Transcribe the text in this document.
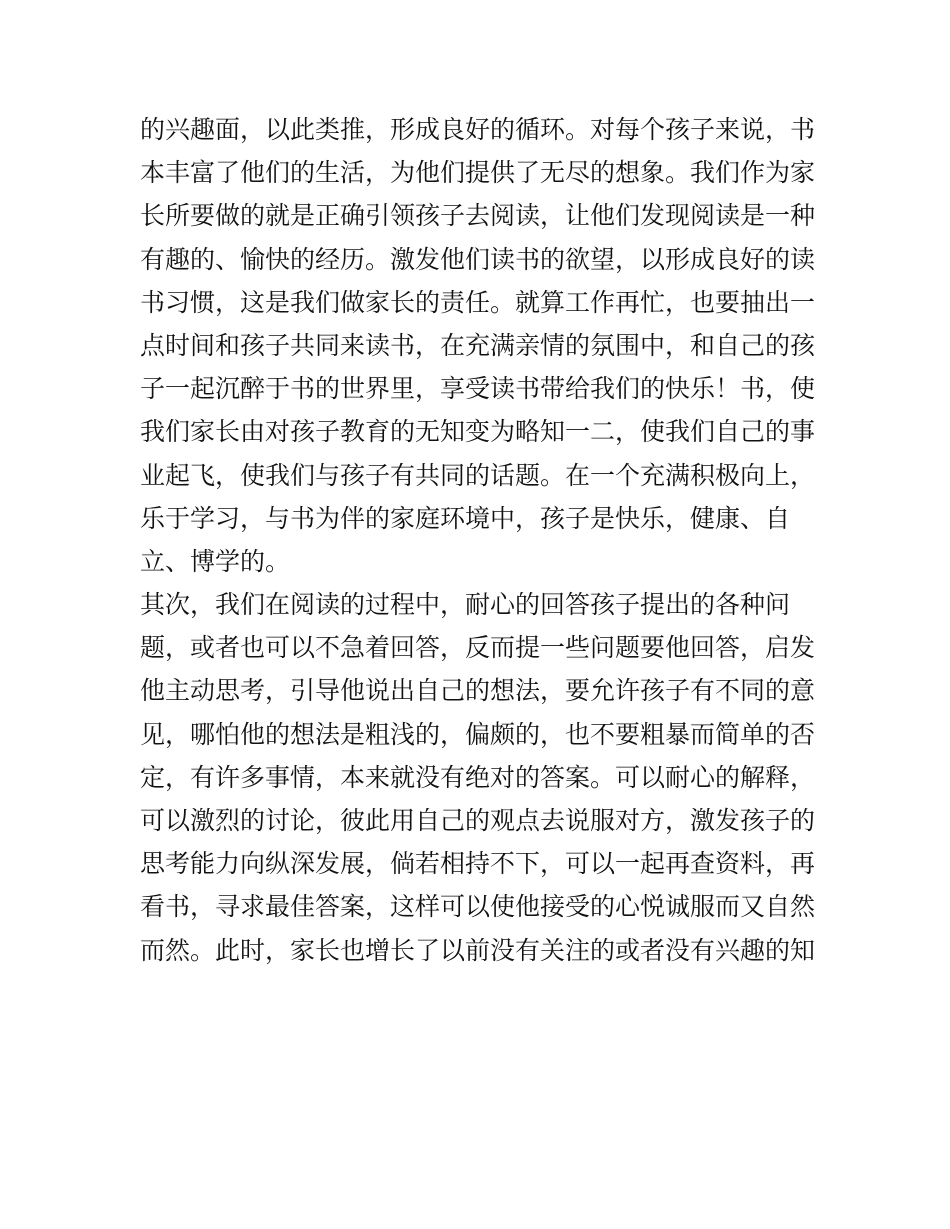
的兴趣面，以此类推，形成良好的循环。对每个孩子来说，书
本丰富了他们的生活，为他们提供了无尽的想象。我们作为家
长所要做的就是正确引领孩子去阅读，让他们发现阅读是一种
有趣的、愉快的经历。激发他们读书的欲望，以形成良好的读
书习惯，这是我们做家长的责任。就算工作再忙，也要抽出一
点时间和孩子共同来读书，在充满亲情的氛围中，和自己的孩
子一起沉醉于书的世界里，享受读书带给我们的快乐！书，使
我们家长由对孩子教育的无知变为略知一二，使我们自己的事
业起飞，使我们与孩子有共同的话题。在一个充满积极向上，
乐于学习，与书为伴的家庭环境中，孩子是快乐，健康、自
立、博学的。
其次，我们在阅读的过程中，耐心的回答孩子提出的各种问
题，或者也可以不急着回答，反而提一些问题要他回答，启发
他主动思考，引导他说出自己的想法，要允许孩子有不同的意
见，哪怕他的想法是粗浅的，偏颇的，也不要粗暴而简单的否
定，有许多事情，本来就没有绝对的答案。可以耐心的解释，
可以激烈的讨论，彼此用自己的观点去说服对方，激发孩子的
思考能力向纵深发展，倘若相持不下，可以一起再查资料，再
看书，寻求最佳答案，这样可以使他接受的心悦诚服而又自然
而然。此时，家长也增长了以前没有关注的或者没有兴趣的知
